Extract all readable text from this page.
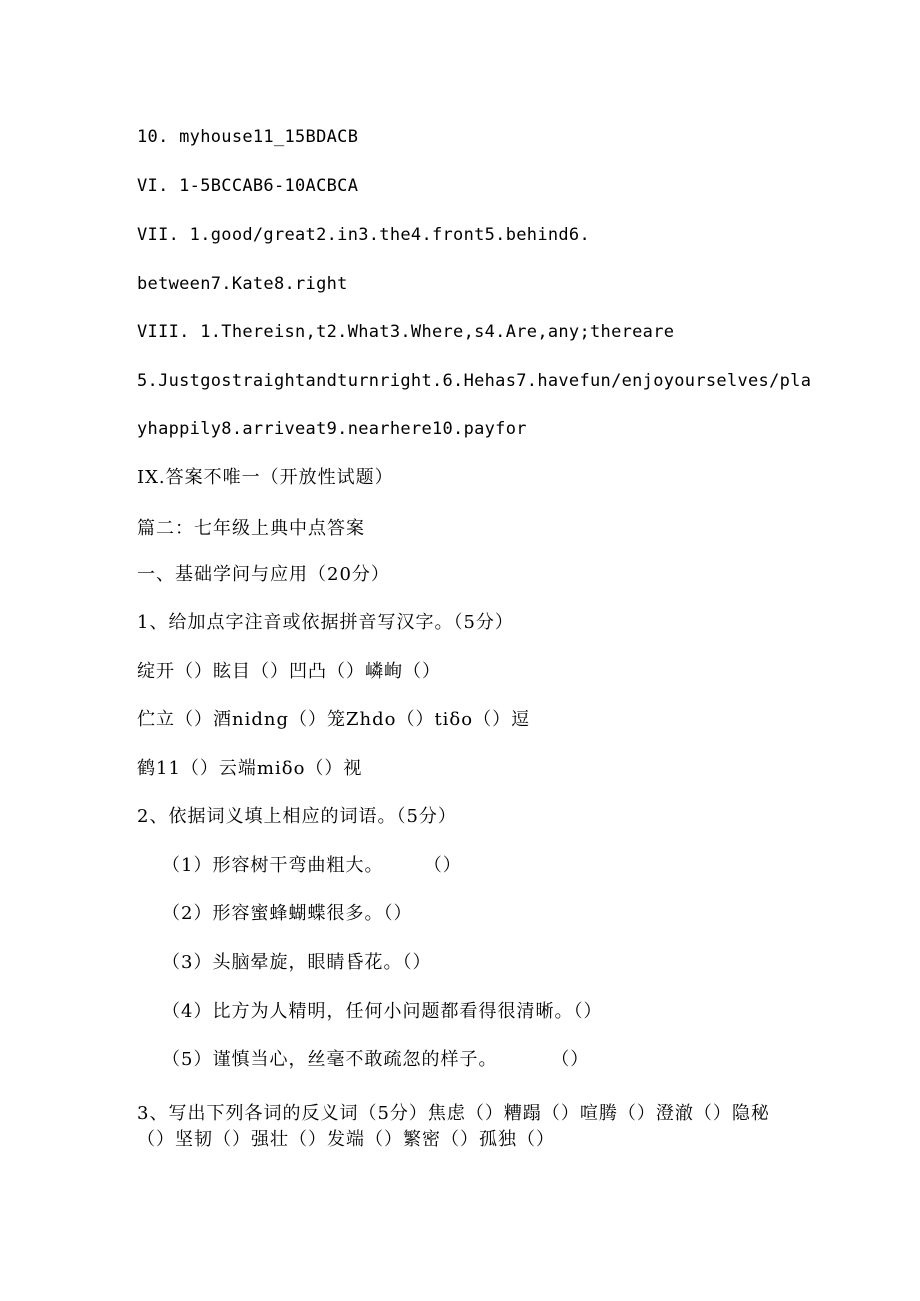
10. myhouse11_15BDACB
VI. 1-5BCCAB6-10ACBCA
VII. 1.good/great2.in3.the4.front5.behind6.
between7.Kate8.right
VIII. 1.Thereisn,t2.What3.Where,s4.Are,any;thereare
5.Justgostraightandturnright.6.Hehas7.havefun/enjoyourselves/pla
yhappily8.arriveat9.nearhere10.payfor
IX.答案不唯一（开放性试题）
篇二：七年级上典中点答案
一、基础学问与应用（20分）
1、给加点字注音或依据拼音写汉字。（5分）
绽开（）眩目（）凹凸（）嶙峋（）
伫立（）酒nidng（）笼Zhdo（）tiδo（）逗
鹤11（）云端miδo（）视
2、依据词义填上相应的词语。（5分）
（1）形容树干弯曲粗大。      （）
（2）形容蜜蜂蝴蝶很多。（）
（3）头脑晕旋，眼睛昏花。（）
（4）比方为人精明，任何小问题都看得很清晰。（）
（5）谨慎当心，丝毫不敢疏忽的样子。        （）
3、写出下列各词的反义词（5分）焦虑（）糟蹋（）喧腾（）澄澈（）隐秘（）坚韧（）强壮（）发端（）繁密（）孤独（）
